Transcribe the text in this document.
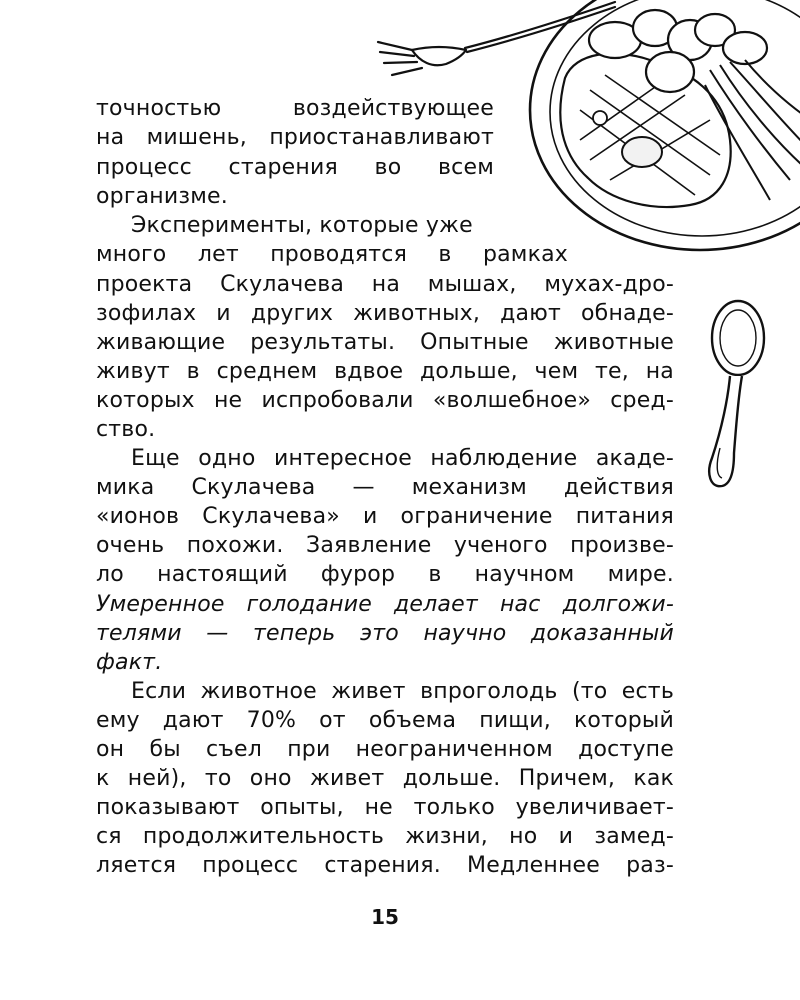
точностью воздействующее
на мишень, приостанавливают
процесс старения во всем
организме.
Эксперименты, которые уже
много лет проводятся в рамках
проекта Скулачева на мышах, мухах-дро-
зофилах и других животных, дают обнаде-
живающие результаты. Опытные животные
живут в среднем вдвое дольше, чем те, на
которых не испробовали «волшебное» сред-
ство.
Еще одно интересное наблюдение акаде-
мика Скулачева — механизм действия
«ионов Скулачева» и ограничение питания
очень похожи. Заявление ученого произве-
ло настоящий фурор в научном мире.
Умеренное голодание делает нас долгожи-
телями — теперь это научно доказанный
факт.
Если животное живет впроголодь (то есть
ему дают 70% от объема пищи, который
он бы съел при неограниченном доступе
к ней), то оно живет дольше. Причем, как
показывают опыты, не только увеличивает-
ся продолжительность жизни, но и замед-
ляется процесс старения. Медленнее раз-
15
